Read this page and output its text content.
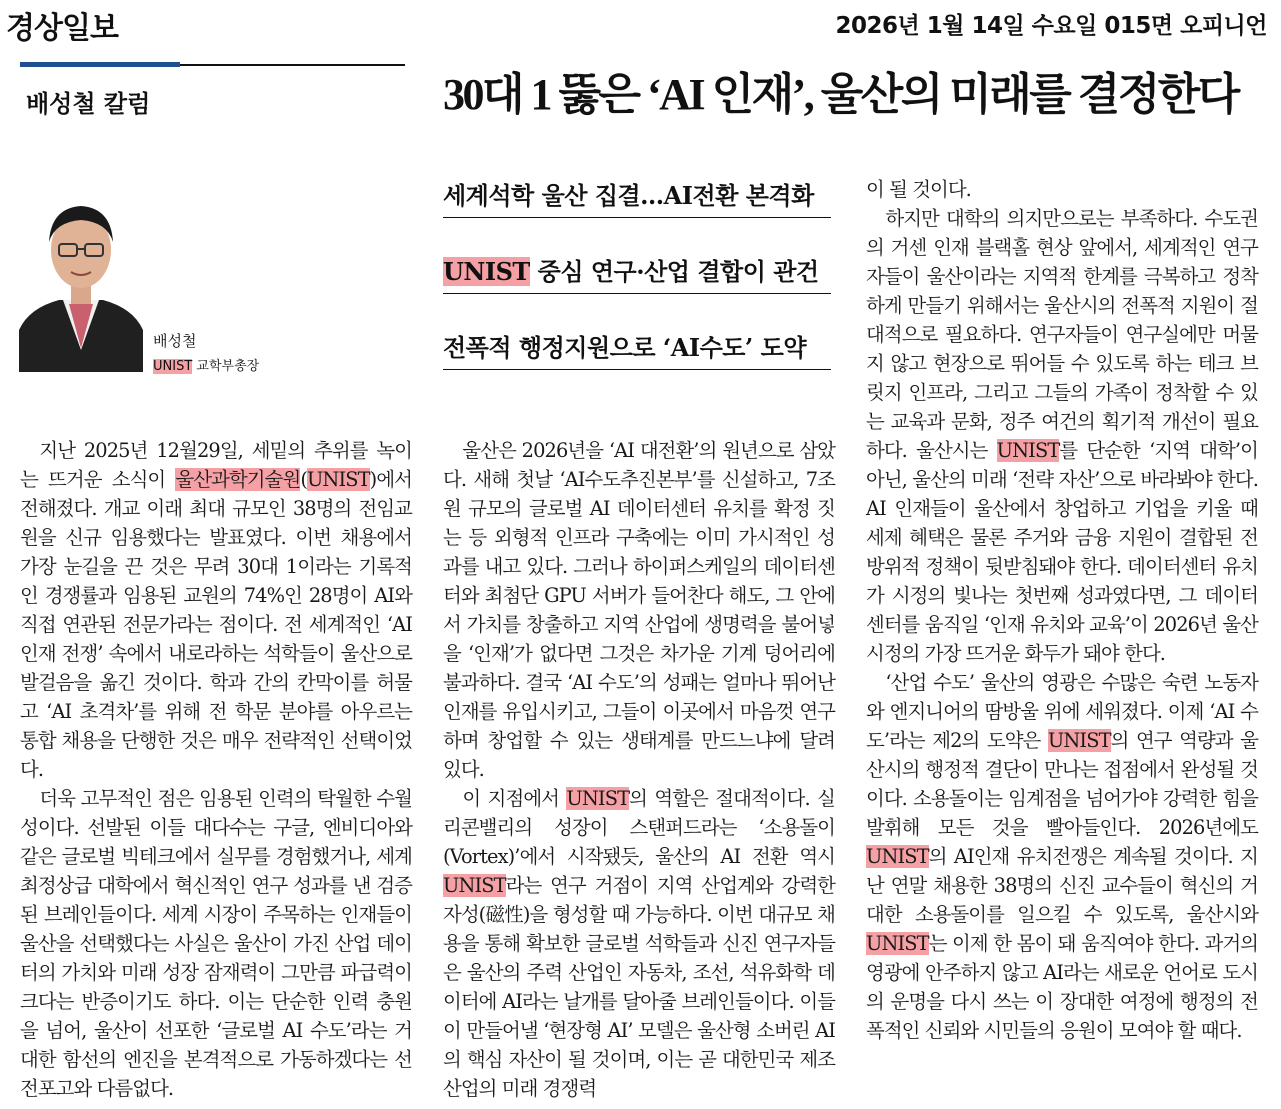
경상일보	2026년 1월 14일 수요일 015면 오피니언
배성철 칼럼	30대 1 뚫은 ‘AI 인재’, 울산의 미래를 결정한다
배성철
UNIST 교학부총장
세계석학 울산 집결…AI전환 본격화
UNIST 중심 연구·산업 결합이 관건
전폭적 행정지원으로 ‘AI수도’ 도약

지난 2025년 12월29일, 세밑의 추위를 녹이는 뜨거운 소식이 울산과학기술원(UNIST)에서 전해졌다. 개교 이래 최대 규모인 38명의 전임교원을 신규 임용했다는 발표였다. 이번 채용에서 가장 눈길을 끈 것은 무려 30대 1이라는 기록적인 경쟁률과 임용된 교원의 74%인 28명이 AI와 직접 연관된 전문가라는 점이다. 전 세계적인 ‘AI 인재 전쟁’ 속에서 내로라하는 석학들이 울산으로 발걸음을 옮긴 것이다. 학과 간의 칸막이를 허물고 ‘AI 초격차’를 위해 전 학문 분야를 아우르는 통합 채용을 단행한 것은 매우 전략적인 선택이었다.

더욱 고무적인 점은 임용된 인력의 탁월한 수월성이다. 선발된 이들 대다수는 구글, 엔비디아와 같은 글로벌 빅테크에서 실무를 경험했거나, 세계 최정상급 대학에서 혁신적인 연구 성과를 낸 검증된 브레인들이다. 세계 시장이 주목하는 인재들이 울산을 선택했다는 사실은 울산이 가진 산업 데이터의 가치와 미래 성장 잠재력이 그만큼 파급력이 크다는 반증이기도 하다. 이는 단순한 인력 충원을 넘어, 울산이 선포한 ‘글로벌 AI 수도’라는 거대한 함선의 엔진을 본격적으로 가동하겠다는 선전포고와 다름없다.

울산은 2026년을 ‘AI 대전환’의 원년으로 삼았다. 새해 첫날 ‘AI수도추진본부’를 신설하고, 7조원 규모의 글로벌 AI 데이터센터 유치를 확정 짓는 등 외형적 인프라 구축에는 이미 가시적인 성과를 내고 있다. 그러나 하이퍼스케일의 데이터센터와 최첨단 GPU 서버가 들어찬다 해도, 그 안에서 가치를 창출하고 지역 산업에 생명력을 불어넣을 ‘인재’가 없다면 그것은 차가운 기계 덩어리에 불과하다. 결국 ‘AI 수도’의 성패는 얼마나 뛰어난 인재를 유입시키고, 그들이 이곳에서 마음껏 연구하며 창업할 수 있는 생태계를 만드느냐에 달려 있다.

이 지점에서 UNIST의 역할은 절대적이다. 실리콘밸리의 성장이 스탠퍼드라는 ‘소용돌이(Vortex)’에서 시작됐듯, 울산의 AI 전환 역시 UNIST라는 연구 거점이 지역 산업계와 강력한 자성(磁性)을 형성할 때 가능하다. 이번 대규모 채용을 통해 확보한 글로벌 석학들과 신진 연구자들은 울산의 주력 산업인 자동차, 조선, 석유화학 데이터에 AI라는 날개를 달아줄 브레인들이다. 이들이 만들어낼 ‘현장형 AI’ 모델은 울산형 소버린 AI의 핵심 자산이 될 것이며, 이는 곧 대한민국 제조 산업의 미래 경쟁력

이 될 것이다.

하지만 대학의 의지만으로는 부족하다. 수도권의 거센 인재 블랙홀 현상 앞에서, 세계적인 연구자들이 울산이라는 지역적 한계를 극복하고 정착하게 만들기 위해서는 울산시의 전폭적 지원이 절대적으로 필요하다. 연구자들이 연구실에만 머물지 않고 현장으로 뛰어들 수 있도록 하는 테크 브릿지 인프라, 그리고 그들의 가족이 정착할 수 있는 교육과 문화, 정주 여건의 획기적 개선이 필요하다. 울산시는 UNIST를 단순한 ‘지역 대학’이 아닌, 울산의 미래 ‘전략 자산’으로 바라봐야 한다. AI 인재들이 울산에서 창업하고 기업을 키울 때 세제 혜택은 물론 주거와 금융 지원이 결합된 전방위적 정책이 뒷받침돼야 한다. 데이터센터 유치가 시정의 빛나는 첫번째 성과였다면, 그 데이터센터를 움직일 ‘인재 유치와 교육’이 2026년 울산 시정의 가장 뜨거운 화두가 돼야 한다.

‘산업 수도’ 울산의 영광은 수많은 숙련 노동자와 엔지니어의 땀방울 위에 세워졌다. 이제 ‘AI 수도’라는 제2의 도약은 UNIST의 연구 역량과 울산시의 행정적 결단이 만나는 접점에서 완성될 것이다. 소용돌이는 임계점을 넘어가야 강력한 힘을 발휘해 모든 것을 빨아들인다. 2026년에도 UNIST의 AI인재 유치전쟁은 계속될 것이다. 지난 연말 채용한 38명의 신진 교수들이 혁신의 거대한 소용돌이를 일으킬 수 있도록, 울산시와 UNIST는 이제 한 몸이 돼 움직여야 한다. 과거의 영광에 안주하지 않고 AI라는 새로운 언어로 도시의 운명을 다시 쓰는 이 장대한 여정에 행정의 전폭적인 신뢰와 시민들의 응원이 모여야 할 때다.
